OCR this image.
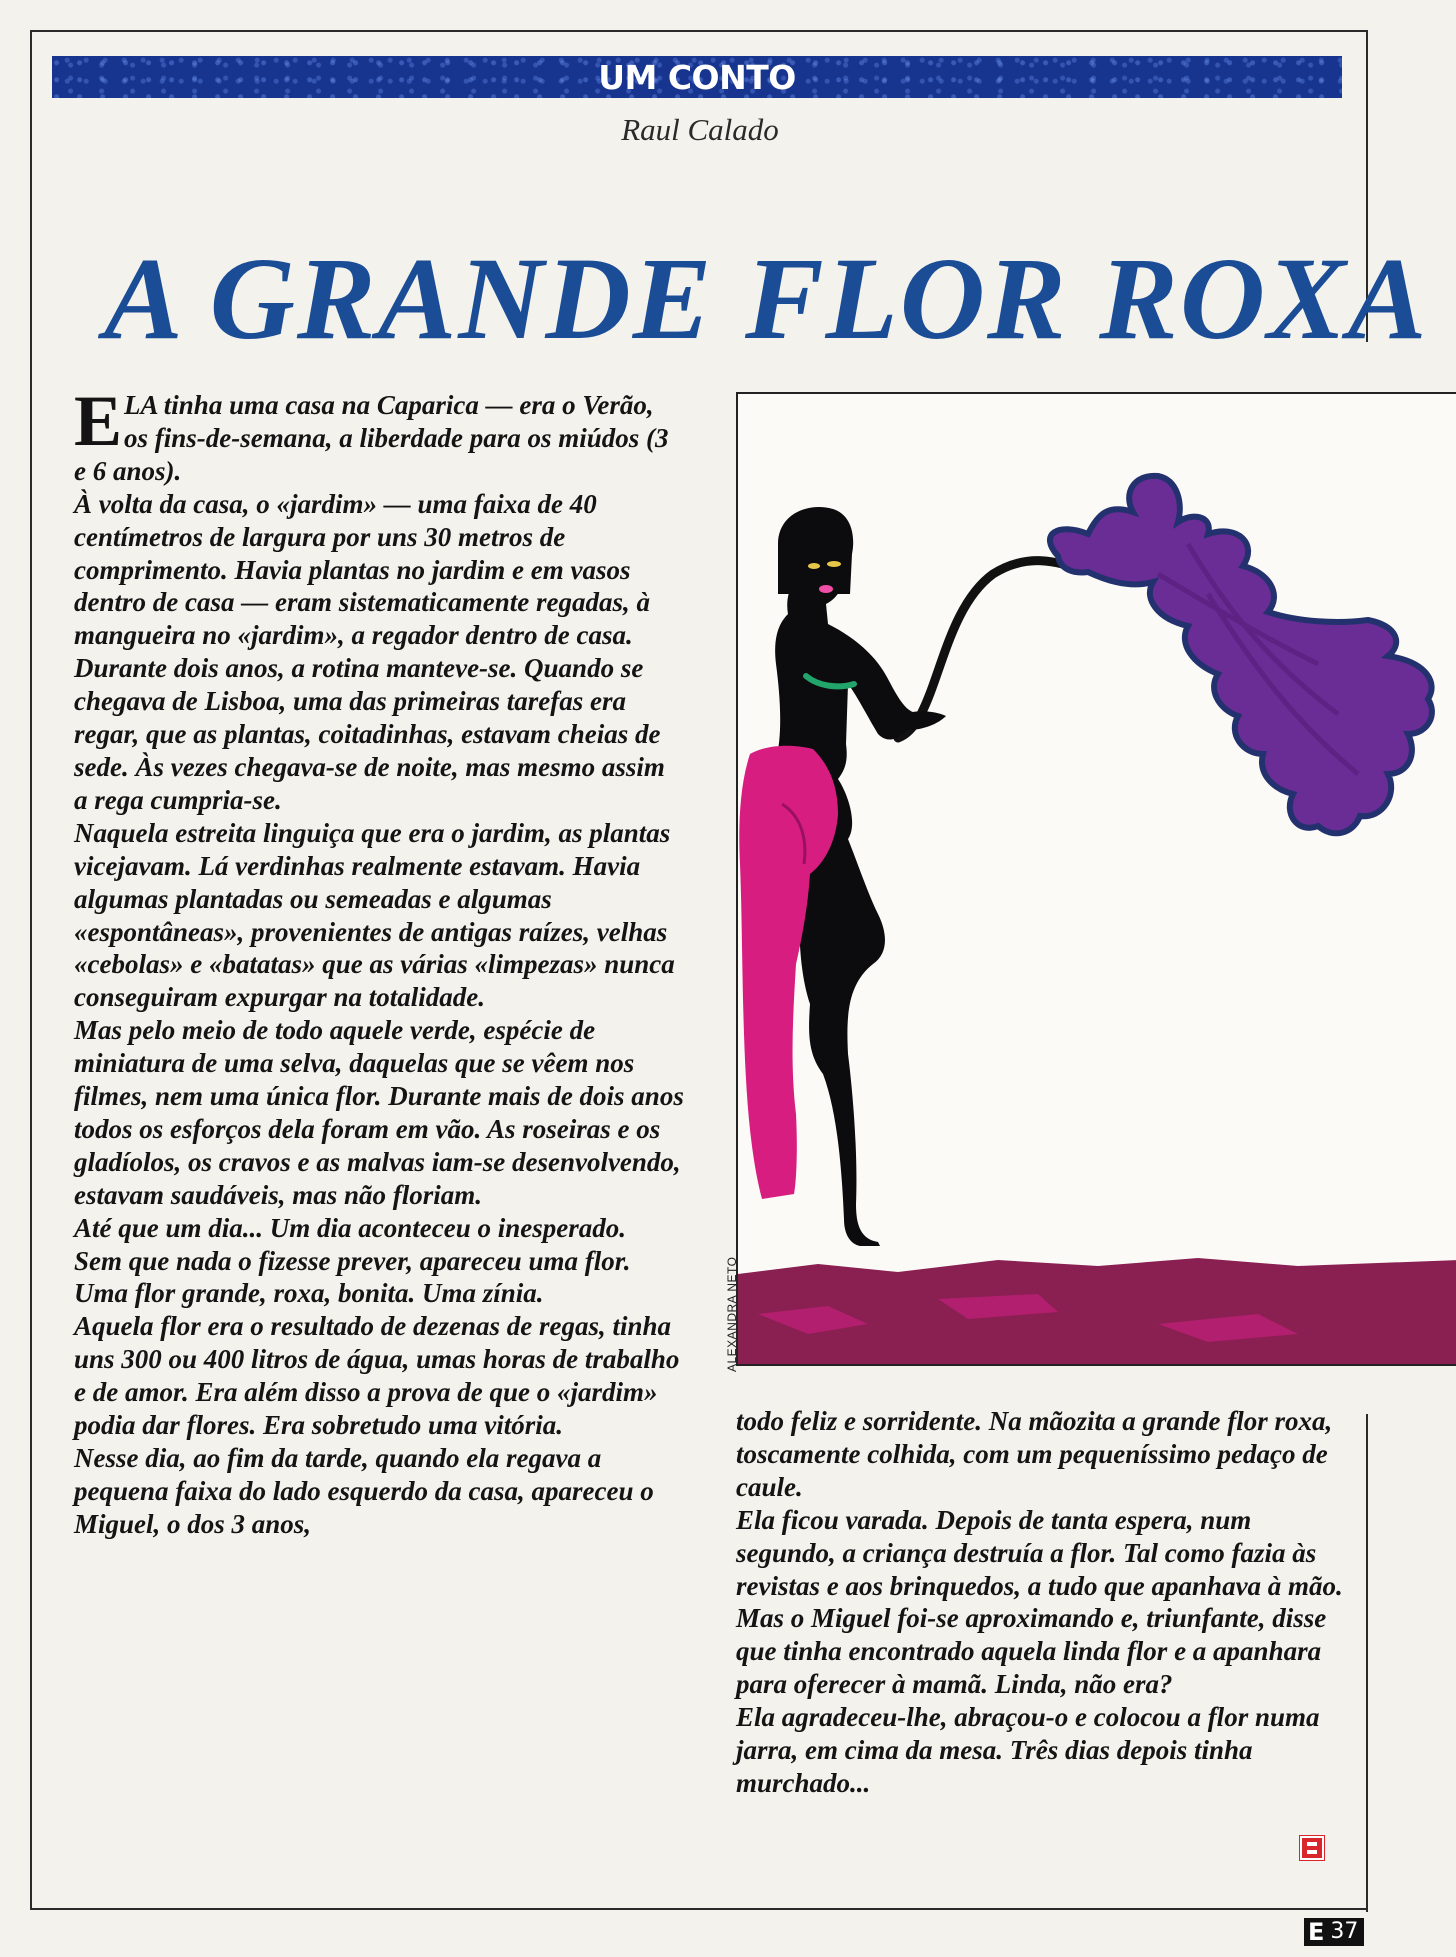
UM CONTO
Raul Calado
A GRANDE FLOR ROXA

ELA tinha uma casa na Caparica — era o Verão, os fins-de-semana, a liberdade para os miúdos (3 e 6 anos).

À volta da casa, o «jardim» — uma faixa de 40 centímetros de largura por uns 30 metros de comprimento. Havia plantas no jardim e em vasos dentro de casa — eram sistematicamente regadas, à mangueira no «jardim», a regador dentro de casa.

Durante dois anos, a rotina manteve-se. Quando se chegava de Lisboa, uma das primeiras tarefas era regar, que as plantas, coitadinhas, estavam cheias de sede. Às vezes chegava-se de noite, mas mesmo assim a rega cumpria-se.

Naquela estreita linguiça que era o jardim, as plantas vicejavam. Lá verdinhas realmente estavam. Havia algumas plantadas ou semeadas e algumas «espontâneas», provenientes de antigas raízes, velhas «cebolas» e «batatas» que as várias «limpezas» nunca conseguiram expurgar na totalidade.

Mas pelo meio de todo aquele verde, espécie de miniatura de uma selva, daquelas que se vêem nos filmes, nem uma única flor. Durante mais de dois anos todos os esforços dela foram em vão. As roseiras e os gladíolos, os cravos e as malvas iam-se desenvolvendo, estavam saudáveis, mas não floriam.

Até que um dia... Um dia aconteceu o inesperado.

Sem que nada o fizesse prever, apareceu uma flor. Uma flor grande, roxa, bonita. Uma zínia.

Aquela flor era o resultado de dezenas de regas, tinha uns 300 ou 400 litros de água, umas horas de trabalho e de amor. Era além disso a prova de que o «jardim» podia dar flores. Era sobretudo uma vitória.

Nesse dia, ao fim da tarde, quando ela regava a pequena faixa do lado esquerdo da casa, apareceu o Miguel, o dos 3 anos,

ALEXANDRA NETO

todo feliz e sorridente. Na mãozita a grande flor roxa, toscamente colhida, com um pequeníssimo pedaço de caule.

Ela ficou varada. Depois de tanta espera, num segundo, a criança destruía a flor. Tal como fazia às revistas e aos brinquedos, a tudo que apanhava à mão.

Mas o Miguel foi-se aproximando e, triunfante, disse que tinha encontrado aquela linda flor e a apanhara para oferecer à mamã. Linda, não era?

Ela agradeceu-lhe, abraçou-o e colocou a flor numa jarra, em cima da mesa. Três dias depois tinha murchado...

E 37
